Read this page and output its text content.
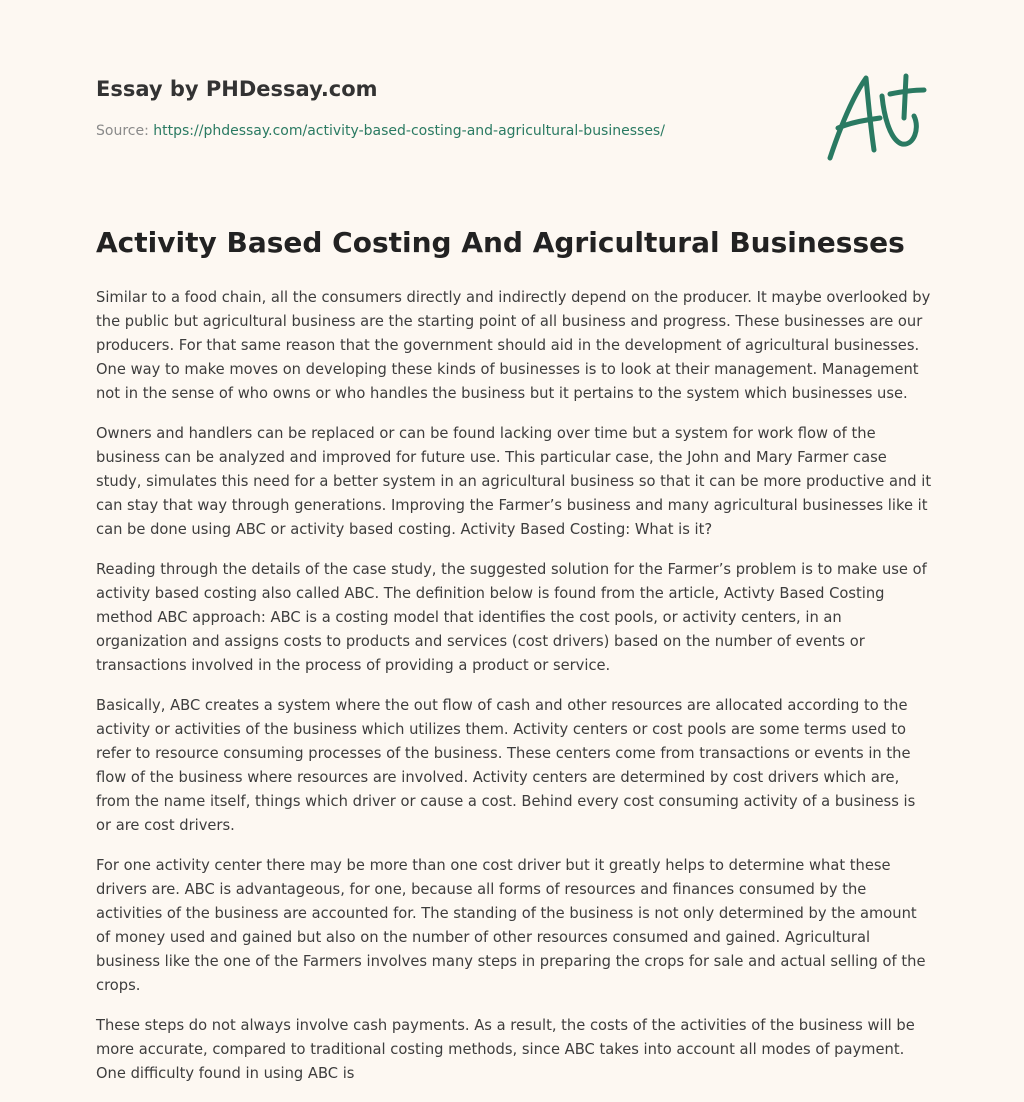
Essay by PHDessay.com
Source: https://phdessay.com/activity-based-costing-and-agricultural-businesses/
Activity Based Costing And Agricultural Businesses

Similar to a food chain, all the consumers directly and indirectly depend on the producer. It maybe overlooked by the public but agricultural business are the starting point of all business and progress. These businesses are our producers. For that same reason that the government should aid in the development of agricultural businesses. One way to make moves on developing these kinds of businesses is to look at their management. Management not in the sense of who owns or who handles the business but it pertains to the system which businesses use.

Owners and handlers can be replaced or can be found lacking over time but a system for work flow of the business can be analyzed and improved for future use. This particular case, the John and Mary Farmer case study, simulates this need for a better system in an agricultural business so that it can be more productive and it can stay that way through generations. Improving the Farmer’s business and many agricultural businesses like it can be done using ABC or activity based costing. Activity Based Costing: What is it?

Reading through the details of the case study, the suggested solution for the Farmer’s problem is to make use of activity based costing also called ABC. The definition below is found from the article, Activty Based Costing method ABC approach: ABC is a costing model that identifies the cost pools, or activity centers, in an organization and assigns costs to products and services (cost drivers) based on the number of events or transactions involved in the process of providing a product or service.

Basically, ABC creates a system where the out flow of cash and other resources are allocated according to the activity or activities of the business which utilizes them. Activity centers or cost pools are some terms used to refer to resource consuming processes of the business. These centers come from transactions or events in the flow of the business where resources are involved. Activity centers are determined by cost drivers which are, from the name itself, things which driver or cause a cost. Behind every cost consuming activity of a business is or are cost drivers.

For one activity center there may be more than one cost driver but it greatly helps to determine what these drivers are. ABC is advantageous, for one, because all forms of resources and finances consumed by the activities of the business are accounted for. The standing of the business is not only determined by the amount of money used and gained but also on the number of other resources consumed and gained. Agricultural business like the one of the Farmers involves many steps in preparing the crops for sale and actual selling of the crops.

These steps do not always involve cash payments. As a result, the costs of the activities of the business will be more accurate, compared to traditional costing methods, since ABC takes into account all modes of payment. One difficulty found in using ABC is
